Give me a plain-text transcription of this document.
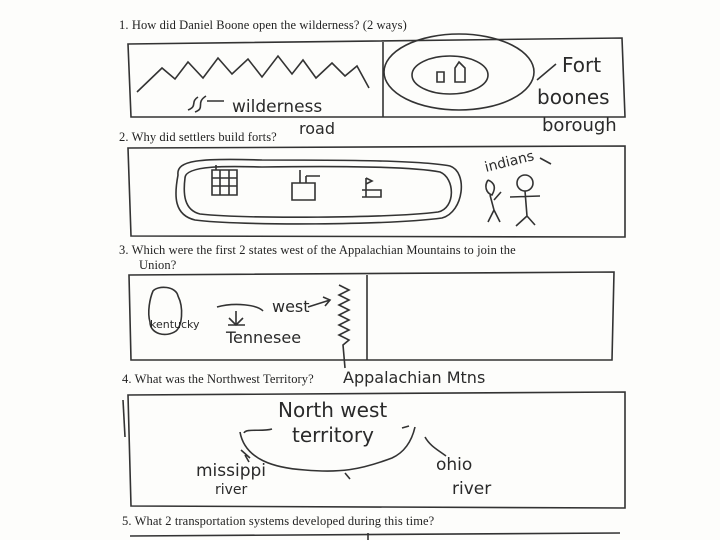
1. How did Daniel Boone open the wilderness? (2 ways)
2. Why did settlers build forts?
3. Which were the first 2 states west of the Appalachian Mountains to join the
Union?
4. What was the Northwest Territory?
5. What 2 transportation systems developed during this time?
wilderness
road
Fort
boones
borough
indians
kentucky
west
Tennesee
Appalachian Mtns
North west
territory
missippi
river
ohio
river
